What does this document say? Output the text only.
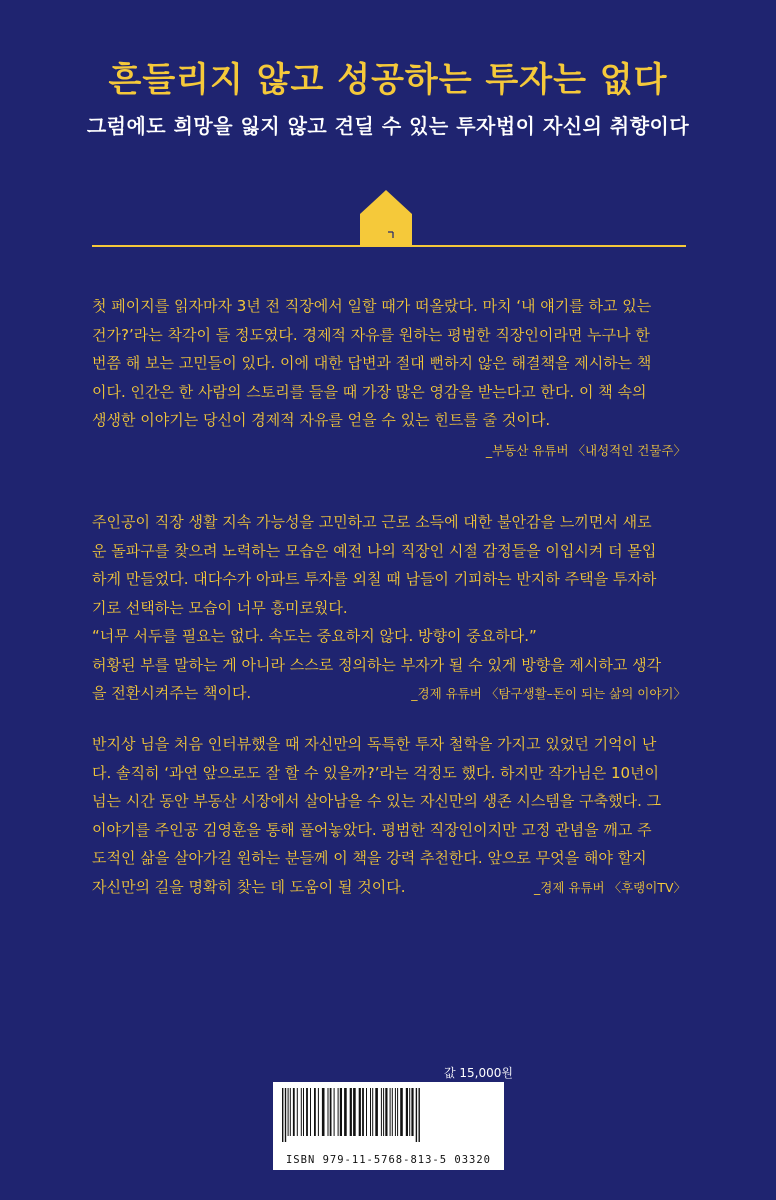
흔들리지 않고 성공하는 투자는 없다
그럼에도 희망을 잃지 않고 견딜 수 있는 투자법이 자신의 취향이다

첫 페이지를 읽자마자 3년 전 직장에서 일할 때가 떠올랐다. 마치 ‘내 얘기를 하고 있는

건가?’라는 착각이 들 정도였다. 경제적 자유를 원하는 평범한 직장인이라면 누구나 한

번쯤 해 보는 고민들이 있다. 이에 대한 답변과 절대 뻔하지 않은 해결책을 제시하는 책

이다. 인간은 한 사람의 스토리를 들을 때 가장 많은 영감을 받는다고 한다. 이 책 속의

생생한 이야기는 당신이 경제적 자유를 얻을 수 있는 힌트를 줄 것이다.

_부동산 유튜버 〈내성적인 건물주〉

주인공이 직장 생활 지속 가능성을 고민하고 근로 소득에 대한 불안감을 느끼면서 새로

운 돌파구를 찾으려 노력하는 모습은 예전 나의 직장인 시절 감정들을 이입시켜 더 몰입

하게 만들었다. 대다수가 아파트 투자를 외칠 때 남들이 기피하는 반지하 주택을 투자하

기로 선택하는 모습이 너무 흥미로웠다.

“너무 서두를 필요는 없다. 속도는 중요하지 않다. 방향이 중요하다.”

허황된 부를 말하는 게 아니라 스스로 정의하는 부자가 될 수 있게 방향을 제시하고 생각

_경제 유튜버 〈탐구생활–돈이 되는 삶의 이야기〉
을 전환시켜주는 책이다.

반지상 님을 처음 인터뷰했을 때 자신만의 독특한 투자 철학을 가지고 있었던 기억이 난

다. 솔직히 ‘과연 앞으로도 잘 할 수 있을까?’라는 걱정도 했다. 하지만 작가님은 10년이

넘는 시간 동안 부동산 시장에서 살아남을 수 있는 자신만의 생존 시스템을 구축했다. 그

이야기를 주인공 김영훈을 통해 풀어놓았다. 평범한 직장인이지만 고정 관념을 깨고 주

도적인 삶을 살아가길 원하는 분들께 이 책을 강력 추천한다. 앞으로 무엇을 해야 할지

_경제 유튜버 〈후랭이TV〉
자신만의 길을 명확히 찾는 데 도움이 될 것이다.

값 15,000원
ISBN 979-11-5768-813-5 03320
